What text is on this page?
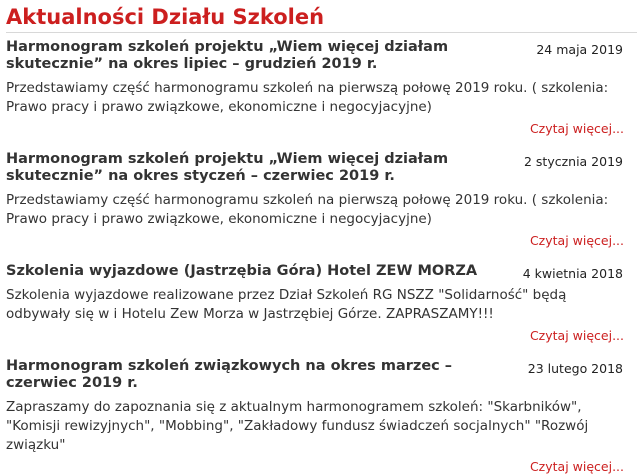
Aktualności Działu Szkoleń
Harmonogram szkoleń projektu „Wiem więcej działam skutecznie” na okres lipiec – grudzień 2019 r.
24 maja 2019

Przedstawiamy część harmonogramu szkoleń na pierwszą połowę 2019 roku. ( szkolenia: Prawo pracy i prawo związkowe, ekonomiczne i negocyjacyjne)

Czytaj więcej...
Harmonogram szkoleń projektu „Wiem więcej działam skutecznie” na okres styczeń – czerwiec 2019 r.
2 stycznia 2019

Przedstawiamy część harmonogramu szkoleń na pierwszą połowę 2019 roku. ( szkolenia: Prawo pracy i prawo związkowe, ekonomiczne i negocyjacyjne)

Czytaj więcej...
Szkolenia wyjazdowe (Jastrzębia Góra) Hotel ZEW MORZA	4 kwietnia 2018

Szkolenia wyjazdowe realizowane przez Dział Szkoleń RG NSZZ "Solidarność" będą odbywały się w i Hotelu Zew Morza w Jastrzębiej Górze. ZAPRASZAMY!!!

Czytaj więcej...
Harmonogram szkoleń związkowych na okres marzec – czerwiec 2019 r.
23 lutego 2018

Zapraszamy do zapoznania się z aktualnym harmonogramem szkoleń: "Skarbników", "Komisji rewizyjnych", "Mobbing", "Zakładowy fundusz świadczeń socjalnych" "Rozwój związku"

Czytaj więcej...
